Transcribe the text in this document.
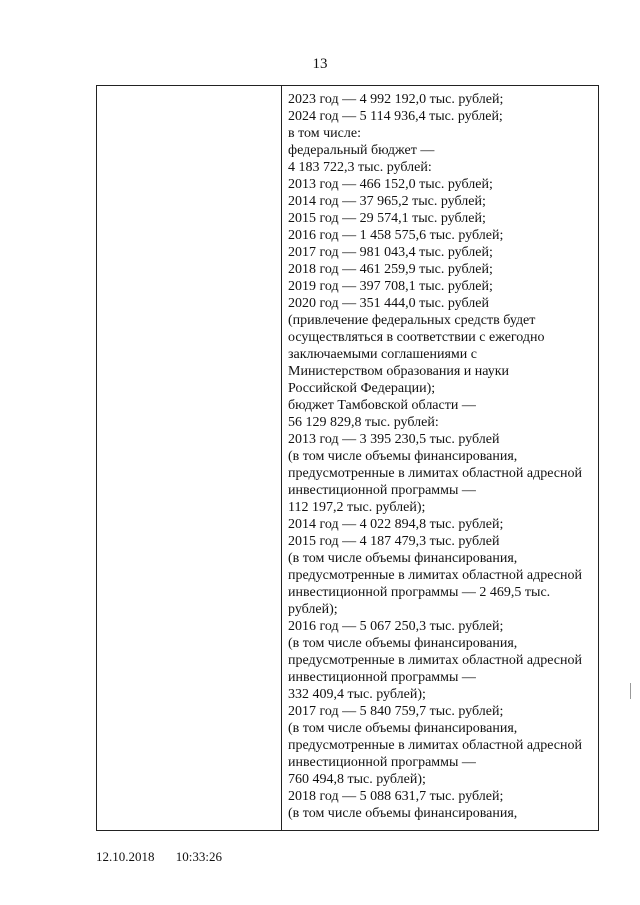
13
2023 год — 4 992 192,0 тыс. рублей;
2024 год — 5 114 936,4 тыс. рублей;
в том числе:
федеральный бюджет —
4 183 722,3 тыс. рублей:
2013 год — 466 152,0 тыс. рублей;
2014 год — 37 965,2 тыс. рублей;
2015 год — 29 574,1 тыс. рублей;
2016 год — 1 458 575,6 тыс. рублей;
2017 год — 981 043,4 тыс. рублей;
2018 год — 461 259,9 тыс. рублей;
2019 год — 397 708,1 тыс. рублей;
2020 год — 351 444,0 тыс. рублей
(привлечение федеральных средств будет
осуществляться в соответствии с ежегодно
заключаемыми соглашениями с
Министерством образования и науки
Российской Федерации);
бюджет Тамбовской области —
56 129 829,8 тыс. рублей:
2013 год — 3 395 230,5 тыс. рублей
(в том числе объемы финансирования,
предусмотренные в лимитах областной адресной
инвестиционной программы —
112 197,2 тыс. рублей);
2014 год — 4 022 894,8 тыс. рублей;
2015 год — 4 187 479,3 тыс. рублей
(в том числе объемы финансирования,
предусмотренные в лимитах областной адресной
инвестиционной программы — 2 469,5 тыс.
рублей);
2016 год — 5 067 250,3 тыс. рублей;
(в том числе объемы финансирования,
предусмотренные в лимитах областной адресной
инвестиционной программы —
332 409,4 тыс. рублей);
2017 год — 5 840 759,7 тыс. рублей;
(в том числе объемы финансирования,
предусмотренные в лимитах областной адресной
инвестиционной программы —
760 494,8 тыс. рублей);
2018 год — 5 088 631,7 тыс. рублей;
(в том числе объемы финансирования,
12.10.2018 10:33:26
